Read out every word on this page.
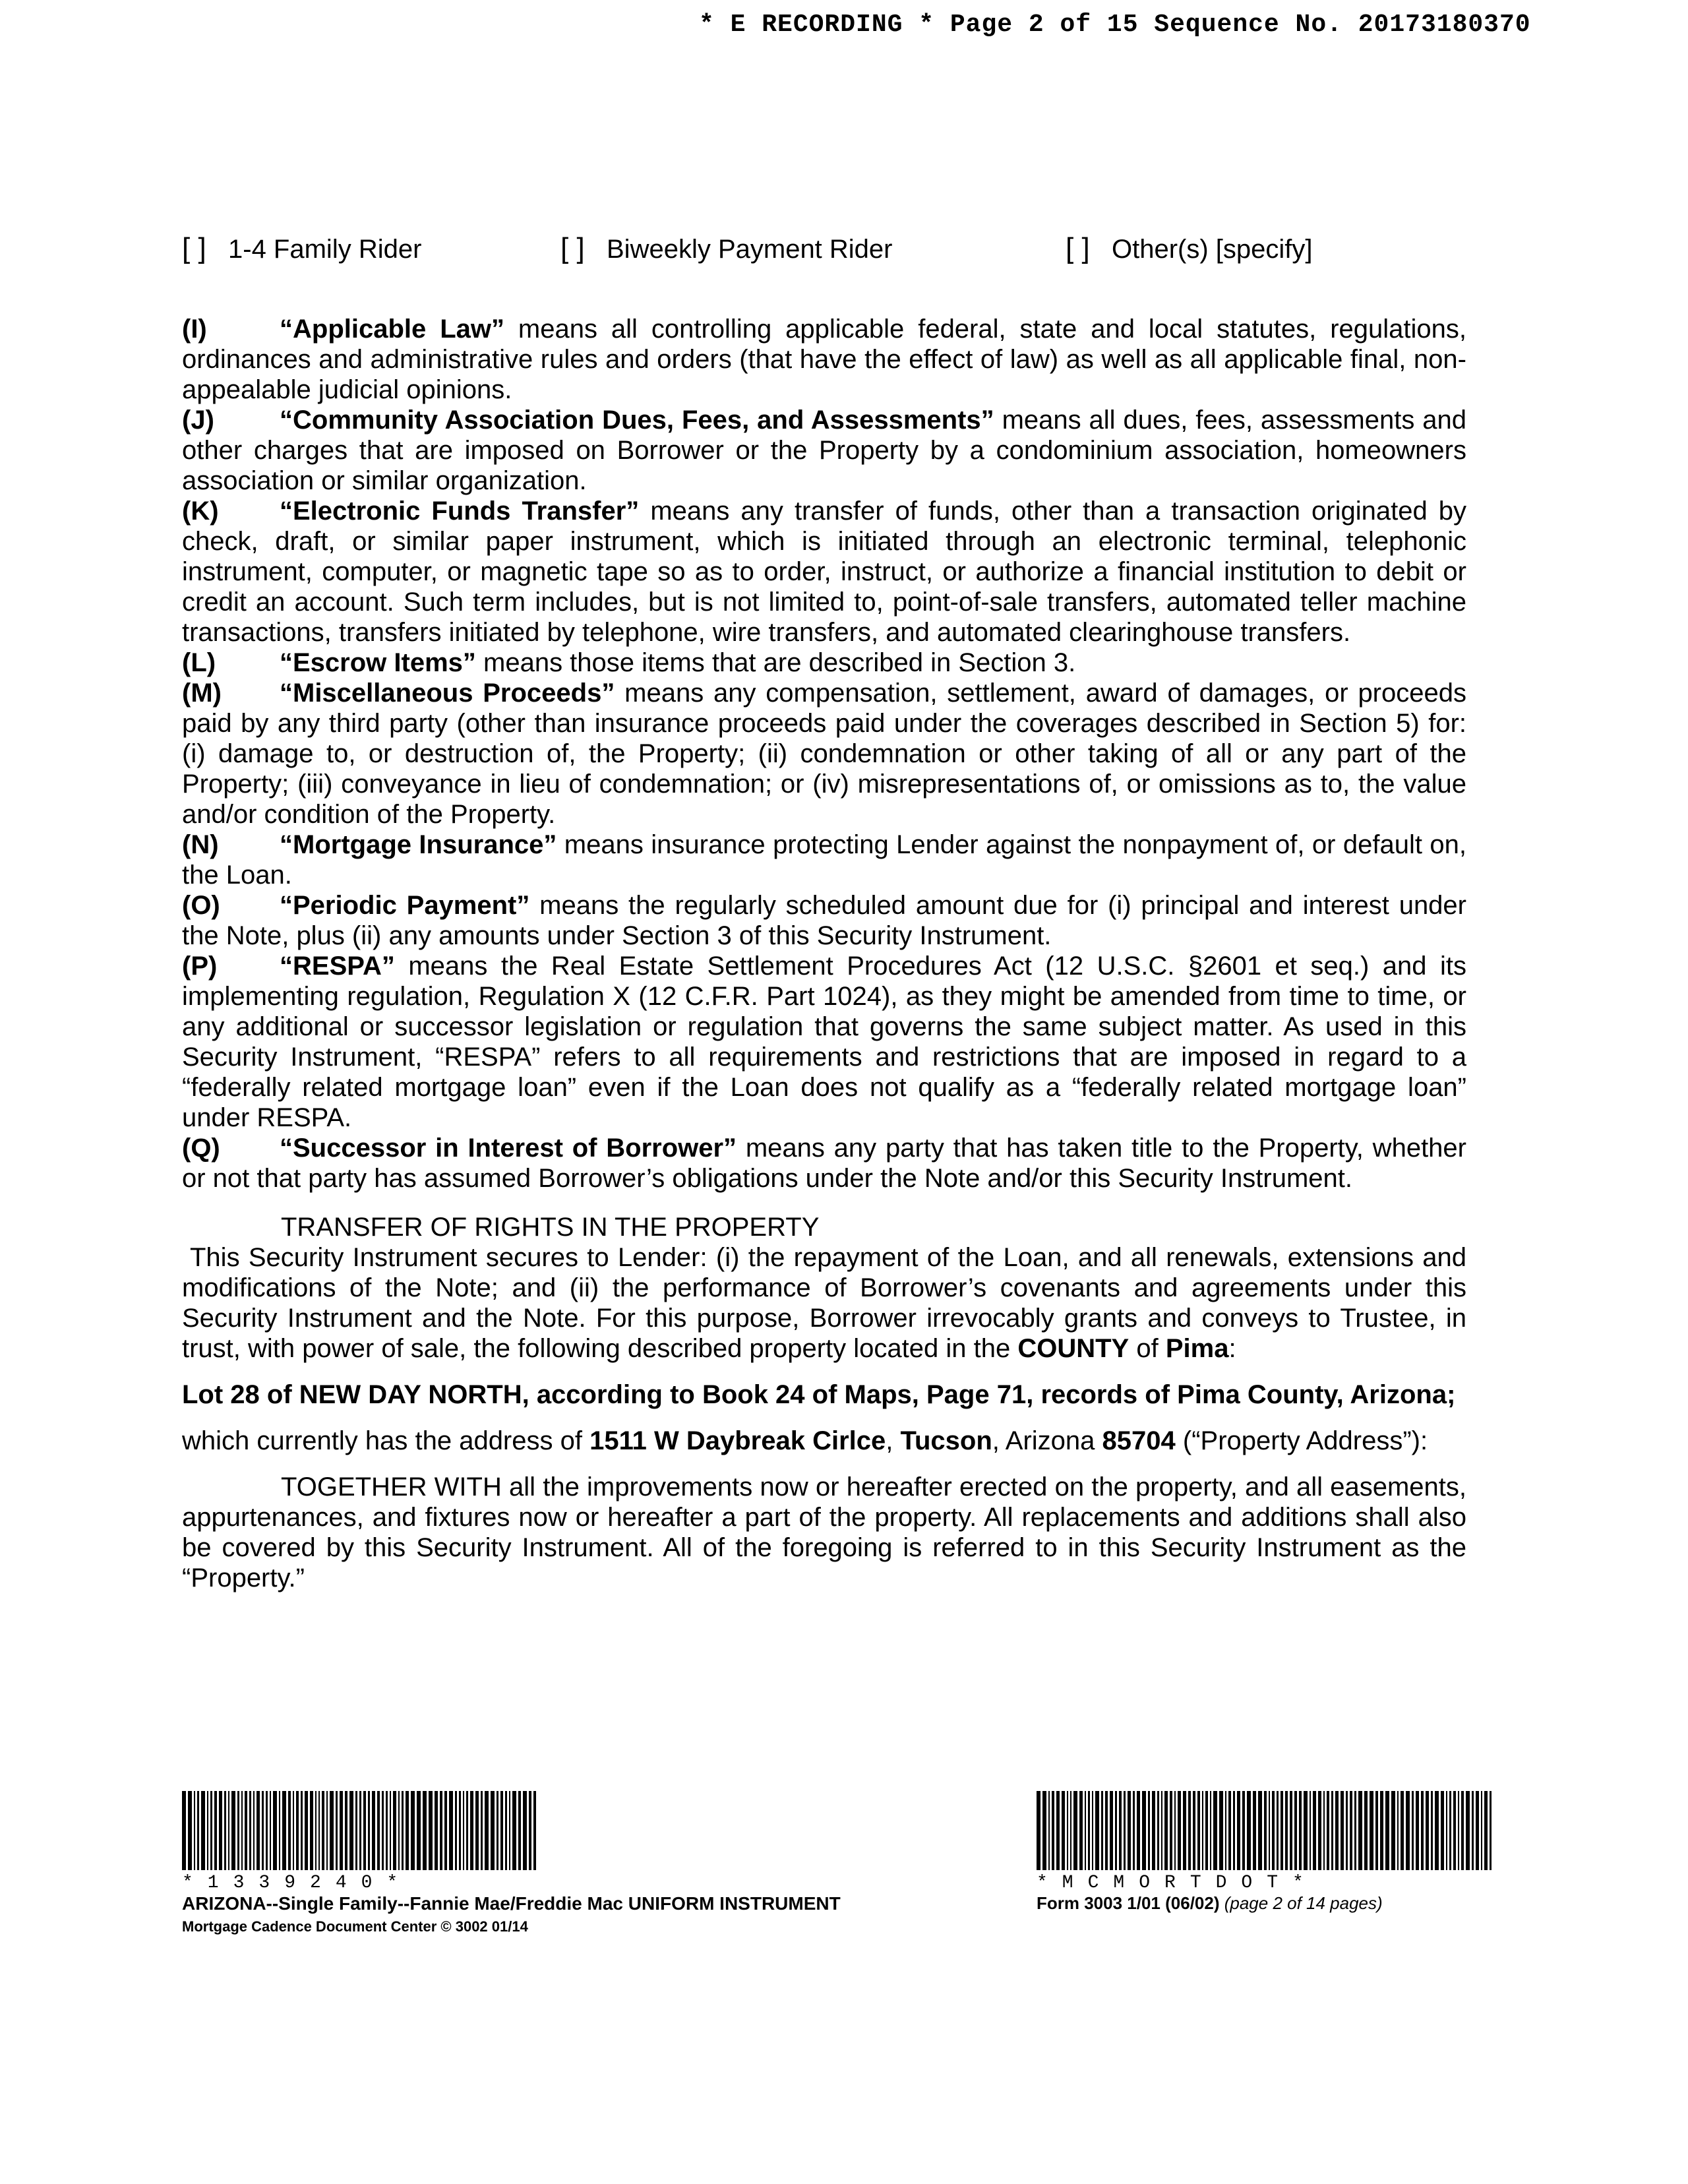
* E RECORDING * Page 2 of 15 Sequence No. 20173180370
[ ] 1-4 Family Rider	[ ] Biweekly Payment Rider	[ ] Other(s) [specify]

(I)	“Applicable Law” means all controlling applicable federal, state and local statutes, regulations, ordinances and administrative rules and orders (that have the effect of law) as well as all applicable final, non-appealable judicial opinions.

(J) “Community Association Dues, Fees, and Assessments” means all dues, fees, assessments and other charges that are imposed on Borrower or the Property by a condominium association, homeowners association or similar organization.

(K) “Electronic Funds Transfer” means any transfer of funds, other than a transaction originated by check, draft, or similar paper instrument, which is initiated through an electronic terminal, telephonic instrument, computer, or magnetic tape so as to order, instruct, or authorize a financial institution to debit or credit an account. Such term includes, but is not limited to, point-of-sale transfers, automated teller machine transactions, transfers initiated by telephone, wire transfers, and automated clearinghouse transfers.

(L) “Escrow Items” means those items that are described in Section 3.

(M) “Miscellaneous Proceeds” means any compensation, settlement, award of damages, or proceeds paid by any third party (other than insurance proceeds paid under the coverages described in Section 5) for: (i) damage to, or destruction of, the Property; (ii) condemnation or other taking of all or any part of the Property; (iii) conveyance in lieu of condemnation; or (iv) misrepresentations of, or omissions as to, the value and/or condition of the Property.

(N) “Mortgage Insurance” means insurance protecting Lender against the nonpayment of, or default on, the Loan.

(O) “Periodic Payment” means the regularly scheduled amount due for (i) principal and interest under the Note, plus (ii) any amounts under Section 3 of this Security Instrument.

(P) “RESPA” means the Real Estate Settlement Procedures Act (12 U.S.C. §2601 et seq.) and its implementing regulation, Regulation X (12 C.F.R. Part 1024), as they might be amended from time to time, or any additional or successor legislation or regulation that governs the same subject matter. As used in this Security Instrument, “RESPA” refers to all requirements and restrictions that are imposed in regard to a “federally related mortgage loan” even if the Loan does not qualify as a “federally related mortgage loan” under RESPA.

(Q) “Successor in Interest of Borrower” means any party that has taken title to the Property, whether or not that party has assumed Borrower’s obligations under the Note and/or this Security Instrument.

TRANSFER OF RIGHTS IN THE PROPERTY

This Security Instrument secures to Lender: (i) the repayment of the Loan, and all renewals, extensions and modifications of the Note; and (ii) the performance of Borrower’s covenants and agreements under this Security Instrument and the Note. For this purpose, Borrower irrevocably grants and conveys to Trustee, in trust, with power of sale, the following described property located in the COUNTY of Pima:

Lot 28 of NEW DAY NORTH, according to Book 24 of Maps, Page 71, records of Pima County, Arizona;

which currently has the address of 1511 W Daybreak Cirlce, Tucson, Arizona 85704 (“Property Address”):

TOGETHER WITH all the improvements now or hereafter erected on the property, and all easements, appurtenances, and fixtures now or hereafter a part of the property. All replacements and additions shall also be covered by this Security Instrument. All of the foregoing is referred to in this Security Instrument as the “Property.”

*1339240*
ARIZONA--Single Family--Fannie Mae/Freddie Mac UNIFORM INSTRUMENT
Mortgage Cadence Document Center © 3002 01/14
*MCMORTDOT*
Form 3003 1/01 (06/02) (page 2 of 14 pages)
